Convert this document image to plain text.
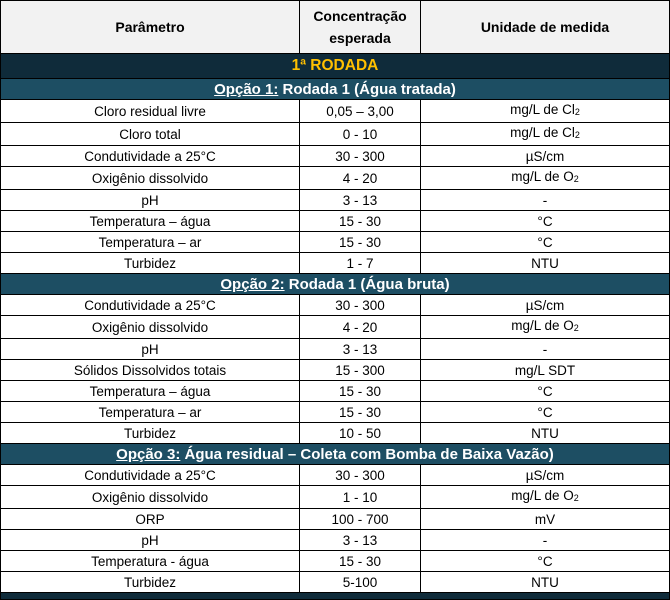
Parâmetro	Concentração esperada	Unidade de medida
1ª RODADA		
Opção 1: Rodada 1 (Água tratada)		
Cloro residual livre	0,05 – 3,00	mg/L de $Cl_2$
Cloro total	0 - 10	mg/L de $Cl_2$
Condutividade a 25°C	30 - 300	µS/cm
Oxigênio dissolvido	4 - 20	mg/L de $O_2$
pH	3 - 13	-
Temperatura – água	15 - 30	°C
Temperatura – ar	15 - 30	°C
Turbidez	1 - 7	NTU
Opção 2: Rodada 1 (Água bruta)		
Condutividade a 25°C	30 - 300	µS/cm
Oxigênio dissolvido	4 - 20	mg/L de $O_2$
pH	3 - 13	-
Sólidos Dissolvidos totais	15 - 300	mg/L SDT
Temperatura – água	15 - 30	°C
Temperatura – ar	15 - 30	°C
Turbidez	10 - 50	NTU
Opção 3: Água residual – Coleta com Bomba de Baixa Vazão)		
Condutividade a 25°C	30 - 300	µS/cm
Oxigênio dissolvido	1 - 10	mg/L de $O_2$
ORP	100 - 700	mV
pH	3 - 13	-
Temperatura - água	15 - 30	°C
Turbidez	5-100	NTU
